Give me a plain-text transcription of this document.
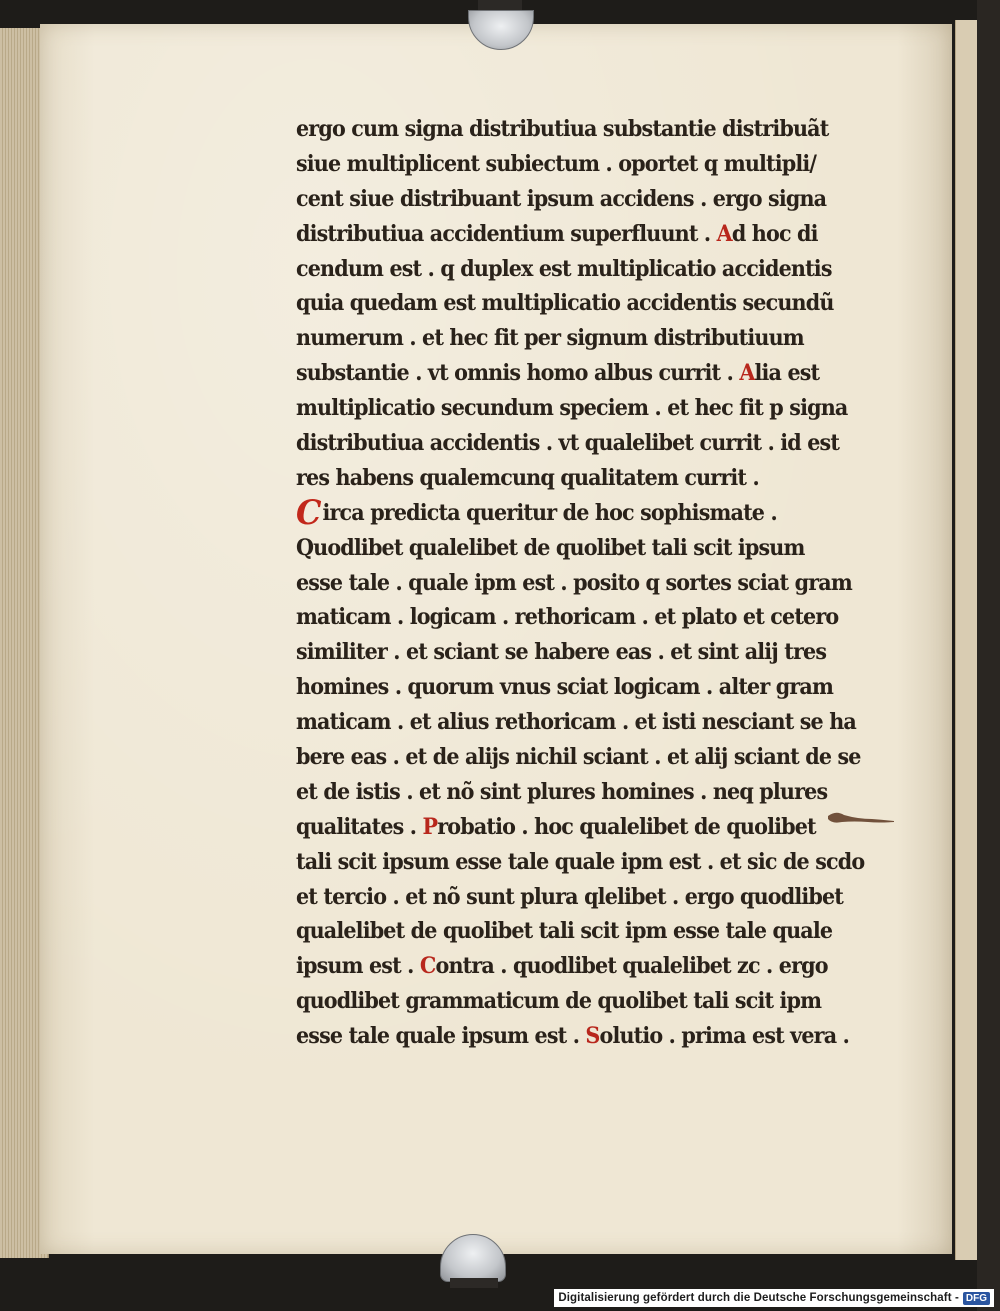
ergo cum signa distributiua substantie distribuãt
siue multiplicent subiectum . oportet q multipli/
cent siue distribuant ipsum accidens . ergo signa
distributiua accidentium superfluunt . Ad hoc di
cendum est . q duplex est multiplicatio accidentis
quia quedam est multiplicatio accidentis secundũ
numerum . et hec fit per signum distributiuum
substantie . vt omnis homo albus currit . Alia est
multiplicatio secundum speciem . et hec fit p signa
distributiua accidentis . vt qualelibet currit . id est
res habens qualemcunq qualitatem currit .
Circa predicta queritur de hoc sophismate .
Quodlibet qualelibet de quolibet tali scit ipsum
esse tale . quale ipm est . posito q sortes sciat gram
maticam . logicam . rethoricam . et plato et cetero
similiter . et sciant se habere eas . et sint alij tres
homines . quorum vnus sciat logicam . alter gram
maticam . et alius rethoricam . et isti nesciant se ha
bere eas . et de alijs nichil sciant . et alij sciant de se
et de istis . et nõ sint plures homines . neq plures
qualitates . Probatio . hoc qualelibet de quolibet
tali scit ipsum esse tale quale ipm est . et sic de scdo
et tercio . et nõ sunt plura qlelibet . ergo quodlibet
qualelibet de quolibet tali scit ipm esse tale quale
ipsum est . Contra . quodlibet qualelibet zc . ergo
quodlibet grammaticum de quolibet tali scit ipm
esse tale quale ipsum est . Solutio . prima est vera .
Digitalisierung gefördert durch die Deutsche Forschungsgemeinschaft - DFG
